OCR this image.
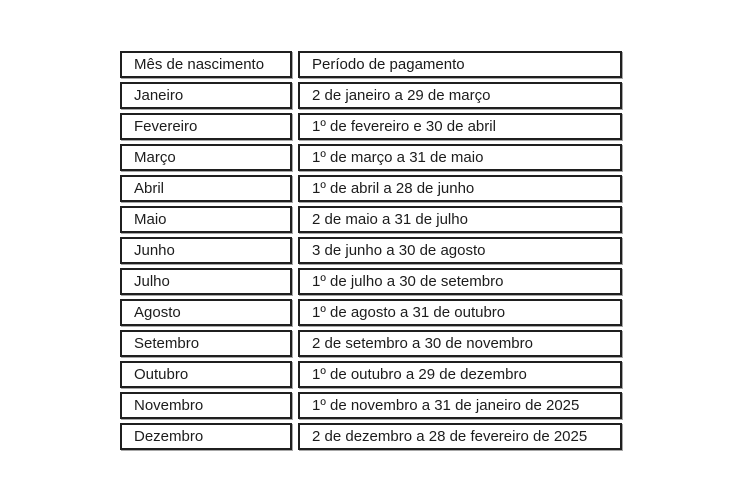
Mês de nascimento	Período de pagamento
Janeiro	2 de janeiro a 29 de março
Fevereiro	1º de fevereiro e 30 de abril
Março	1º de março a 31 de maio
Abril	1º de abril a 28 de junho
Maio	2 de maio a 31 de julho
Junho	3 de junho a 30 de agosto
Julho	1º de julho a 30 de setembro
Agosto	1º de agosto a 31 de outubro
Setembro	2 de setembro a 30 de novembro
Outubro	1º de outubro a 29 de dezembro
Novembro	1º de novembro a 31 de janeiro de 2025
Dezembro	2 de dezembro a 28 de fevereiro de 2025
